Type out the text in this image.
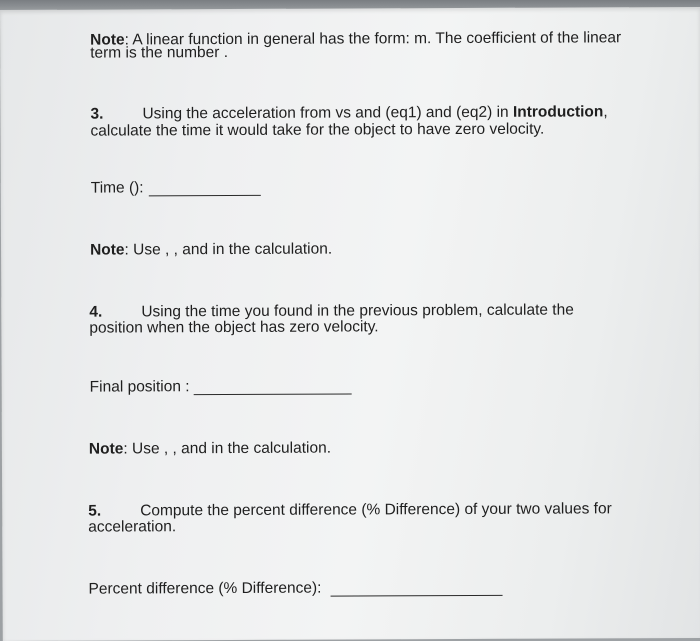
Note: A linear function in general has the form: m. The coefficient of the linear
term is the number .
3.	Using the acceleration from vs and (eq1) and (eq2) in Introduction,
calculate the time it would take for the object to have zero velocity.
Time ():
Note: Use , , and in the calculation.
4.	Using the time you found in the previous problem, calculate the
position when the object has zero velocity.
Final position :
Note: Use , , and in the calculation.
5.	Compute the percent difference (% Difference) of your two values for
acceleration.
Percent difference (% Difference):
